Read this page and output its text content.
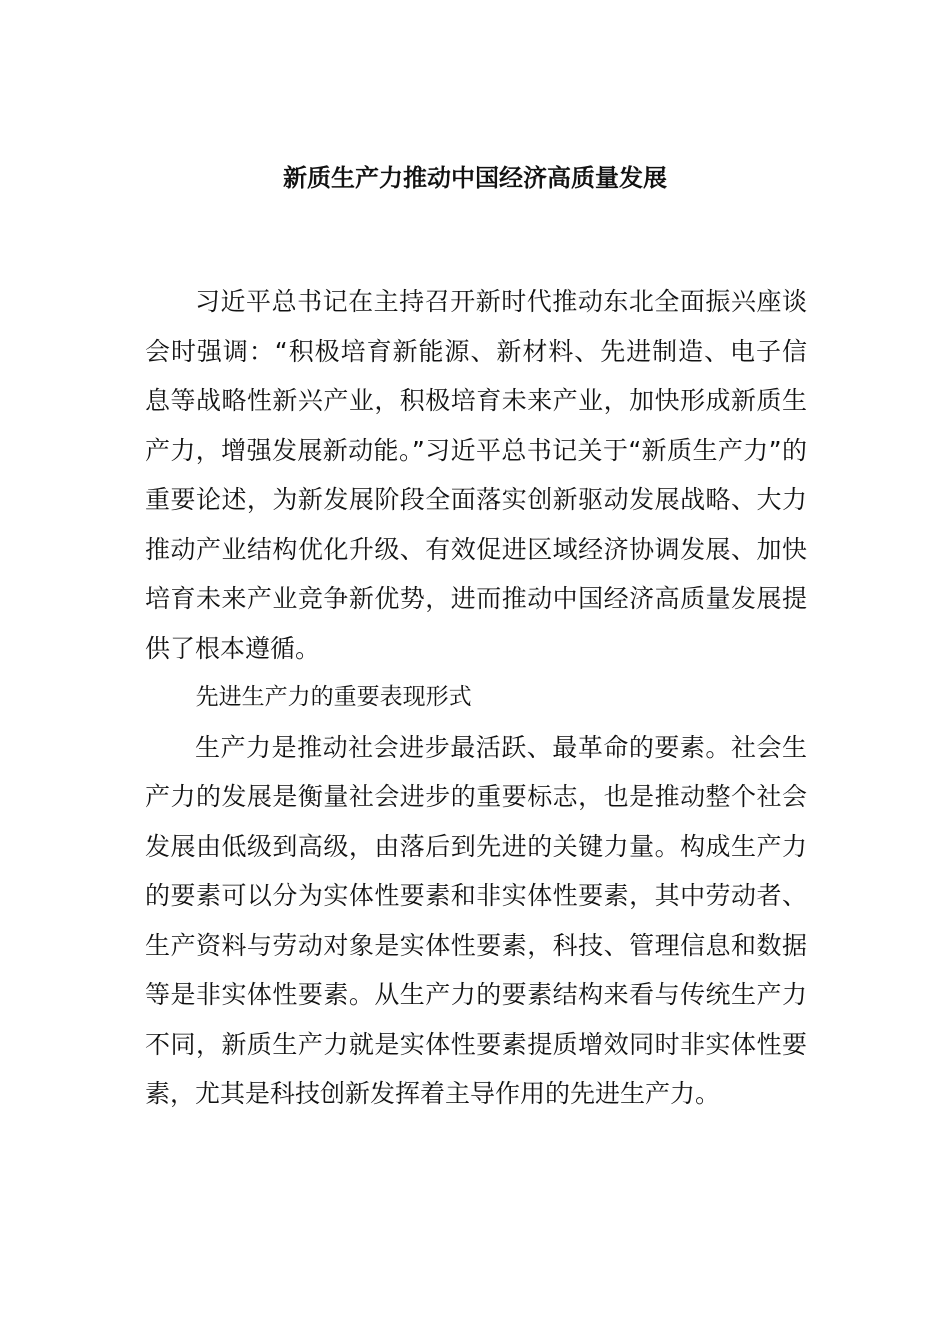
新质生产力推动中国经济高质量发展

习近平总书记在主持召开新时代推动东北全面振兴座谈会时强调：“积极培育新能源、新材料、先进制造、电子信息等战略性新兴产业，积极培育未来产业，加快形成新质生产力，增强发展新动能。”习近平总书记关于“新质生产力”的重要论述，为新发展阶段全面落实创新驱动发展战略、大力推动产业结构优化升级、有效促进区域经济协调发展、加快培育未来产业竞争新优势，进而推动中国经济高质量发展提供了根本遵循。

先进生产力的重要表现形式

生产力是推动社会进步最活跃、最革命的要素。社会生产力的发展是衡量社会进步的重要标志，也是推动整个社会发展由低级到高级，由落后到先进的关键力量。构成生产力的要素可以分为实体性要素和非实体性要素，其中劳动者、生产资料与劳动对象是实体性要素，科技、管理信息和数据等是非实体性要素。从生产力的要素结构来看与传统生产力不同，新质生产力就是实体性要素提质增效同时非实体性要素，尤其是科技创新发挥着主导作用的先进生产力。
